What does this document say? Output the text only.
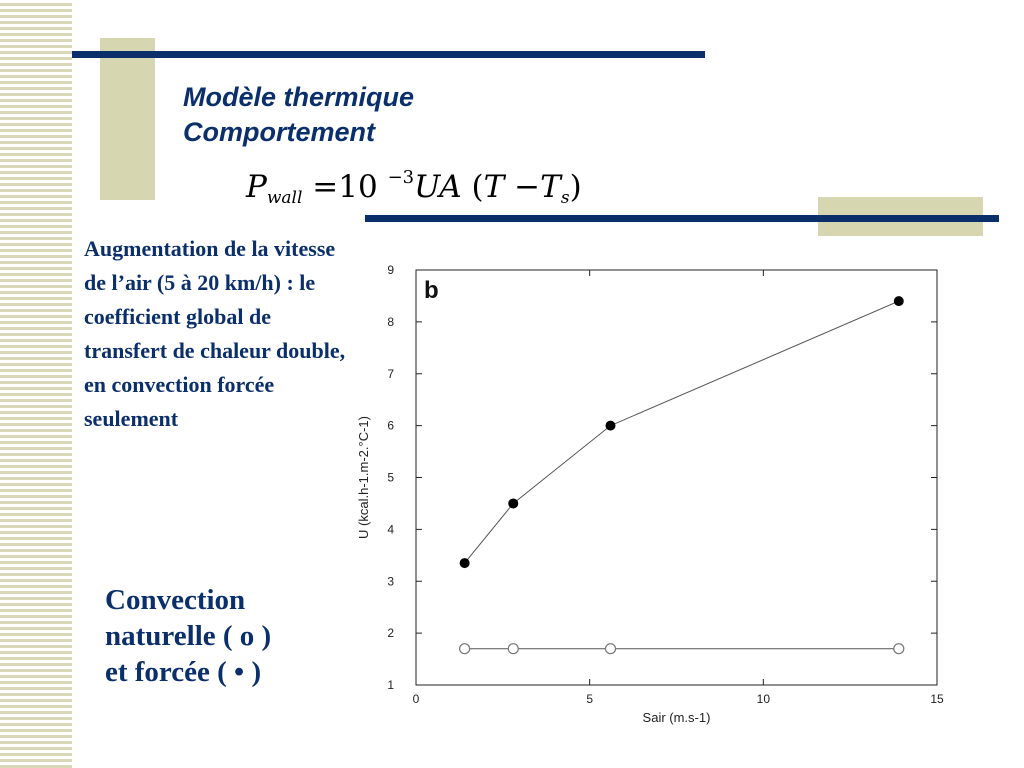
Modèle thermique
Comportement
$P_{wall} =10$ $^{-3}$UA $(T -T_s)$
Augmentation de la vitesse de l’air (5 à 20 km/h) : le coefficient global de transfert de chaleur double, en convection forcée seulement
Convection
naturelle ( ο )
et forcée ( • )
b
Sair (m.s-1)
U (kcal.h-1.m-2.°C-1)
0	5	10	15
1
2
3
4
5
6
7
8
9
